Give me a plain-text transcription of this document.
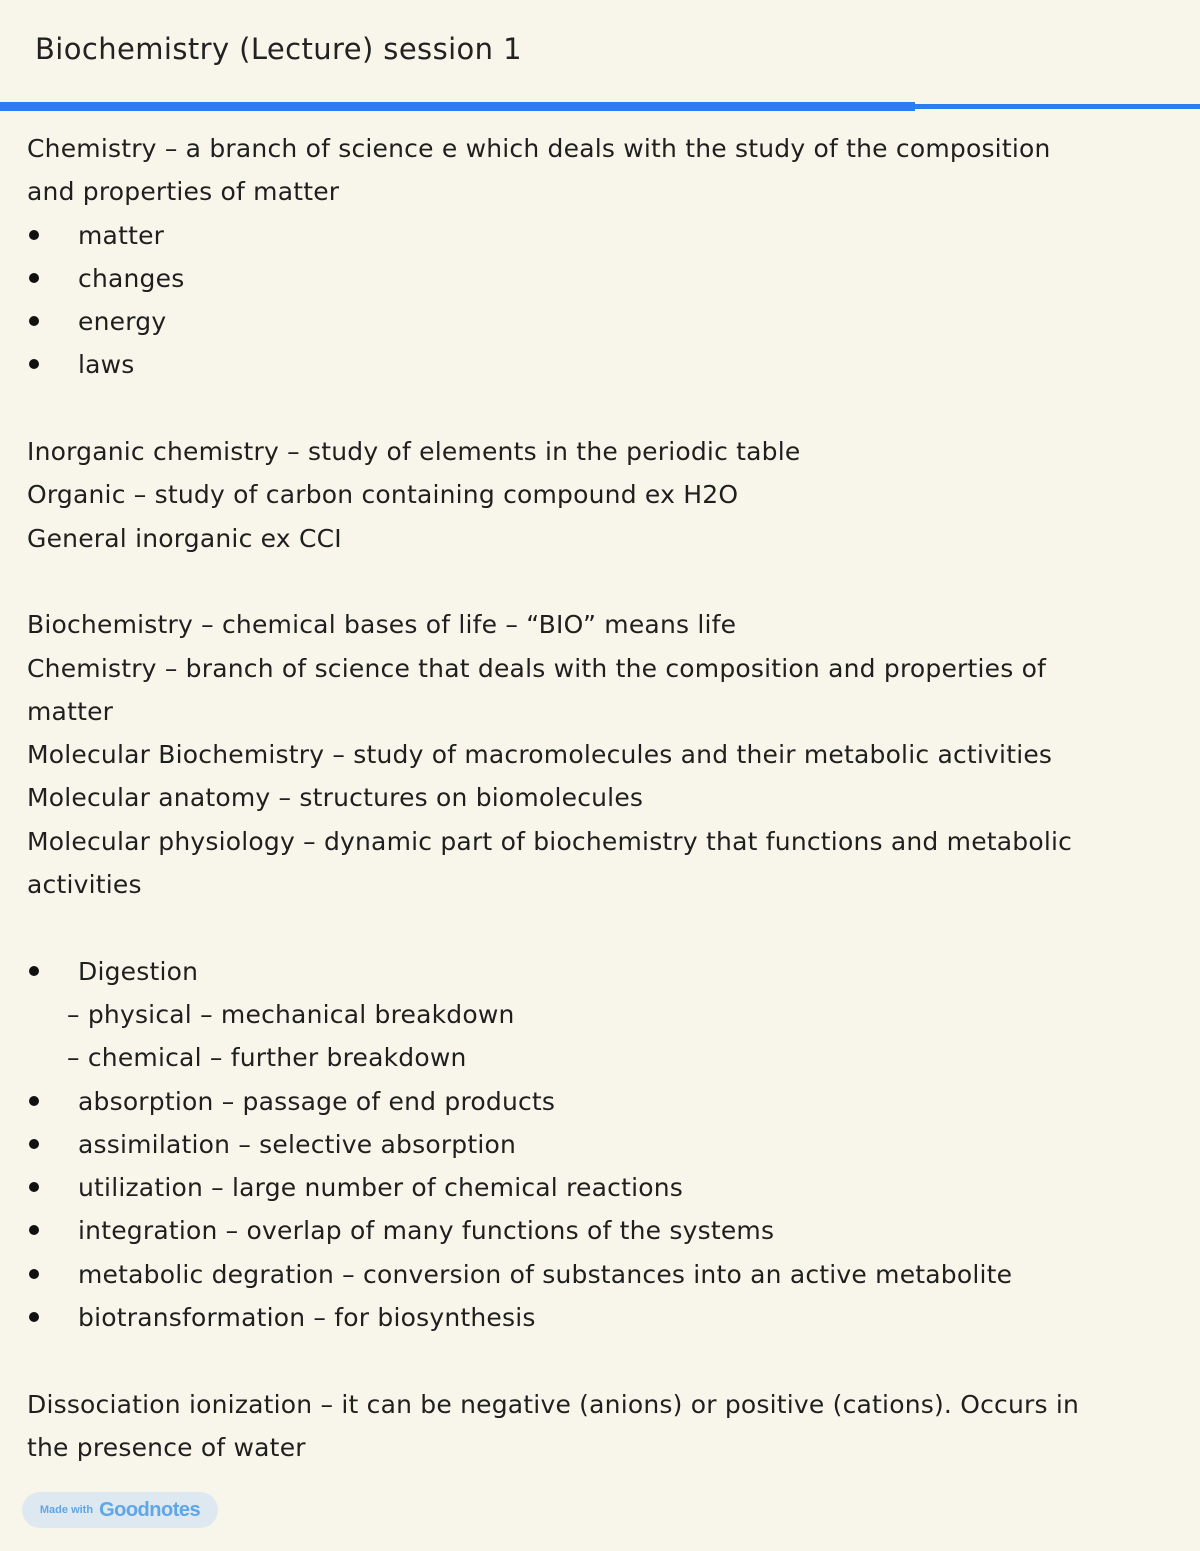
Biochemistry (Lecture) session 1
Chemistry – a branch of science e which deals with the study of the composition
and properties of matter
matter
changes
energy
laws
Inorganic chemistry – study of elements in the periodic table
Organic – study of carbon containing compound ex H2O
General inorganic ex CCI
Biochemistry – chemical bases of life – “BIO” means life
Chemistry – branch of science that deals with the composition and properties of
matter
Molecular Biochemistry – study of macromolecules and their metabolic activities
Molecular anatomy – structures on biomolecules
Molecular physiology – dynamic part of biochemistry that functions and metabolic
activities
Digestion
– physical – mechanical breakdown
– chemical – further breakdown
absorption – passage of end products
assimilation – selective absorption
utilization – large number of chemical reactions
integration – overlap of many functions of the systems
metabolic degration – conversion of substances into an active metabolite
biotransformation – for biosynthesis
Dissociation ionization – it can be negative (anions) or positive (cations). Occurs in
the presence of water
Made with Goodnotes
